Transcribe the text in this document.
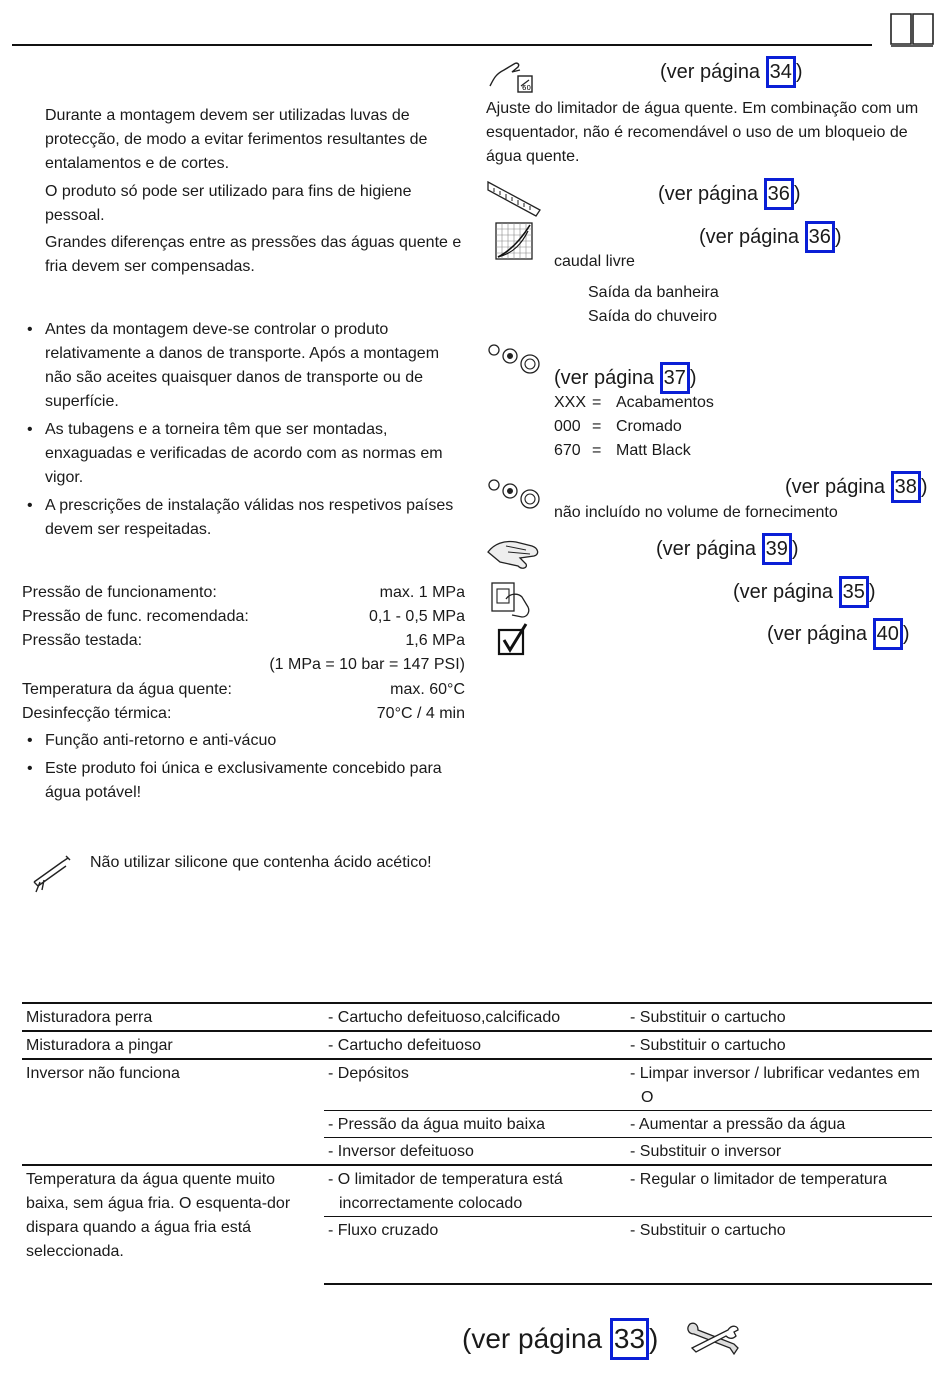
Durante a montagem devem ser utilizadas luvas de protecção, de modo a evitar ferimentos resultantes de entalamentos e de cortes.
O produto só pode ser utilizado para fins de higiene pessoal.
Grandes diferenças entre as pressões das águas quente e fria devem ser compensadas.
• Antes da montagem deve-se controlar o produto relativamente a danos de transporte. Após a montagem não são aceites quaisquer danos de transporte ou de superfície.
• As tubagens e a torneira têm que ser montadas, enxaguadas e verificadas de acordo com as normas em vigor.
• A prescrições de instalação válidas nos respetivos países devem ser respeitadas.
Pressão de funcionamento:	max. 1 MPa
Pressão de func. recomendada:	0,1 - 0,5 MPa
Pressão testada:	1,6 MPa
(1 MPa = 10 bar = 147 PSI)
Temperatura da água quente:	max. 60°C
Desinfecção térmica:	70°C / 4 min
• Função anti-retorno e anti-vácuo
• Este produto foi única e exclusivamente concebido para água potável!
Não utilizar silicone que contenha ácido acético!
60
(ver página 34 )
Ajuste do limitador de água quente. Em combinação com um esquentador, não é recomendável o uso de um bloqueio de água quente.
(ver página 36 )
(ver página 36 )
caudal livre
Saída da banheira
Saída do chuveiro
(ver página 37 )
XXX = Acabamentos
000 = Cromado
670 = Matt Black
(ver página 38 )
não incluído no volume de fornecimento
(ver página 39 )
(ver página 35 )
(ver página 40 )
Misturadora perra	- Cartucho defeituoso,calcificado	- Substituir o cartucho

Misturadora a pingar	- Cartucho defeituoso	- Substituir o cartucho

Inversor não funciona	- Depósitos	- Limpar inversor / lubrificar vedantes em O

	- Pressão da água muito baixa	- Aumentar a pressão da água

	- Inversor defeituoso	- Substituir o inversor

Temperatura da água quente muito baixa, sem água fria. O esquenta-dor dispara quando a água fria está seleccionada.	- O limitador de temperatura está incorrectamente colocado	- Regular o limitador de temperatura

	- Fluxo cruzado	- Substituir o cartucho
(ver página 33 )
